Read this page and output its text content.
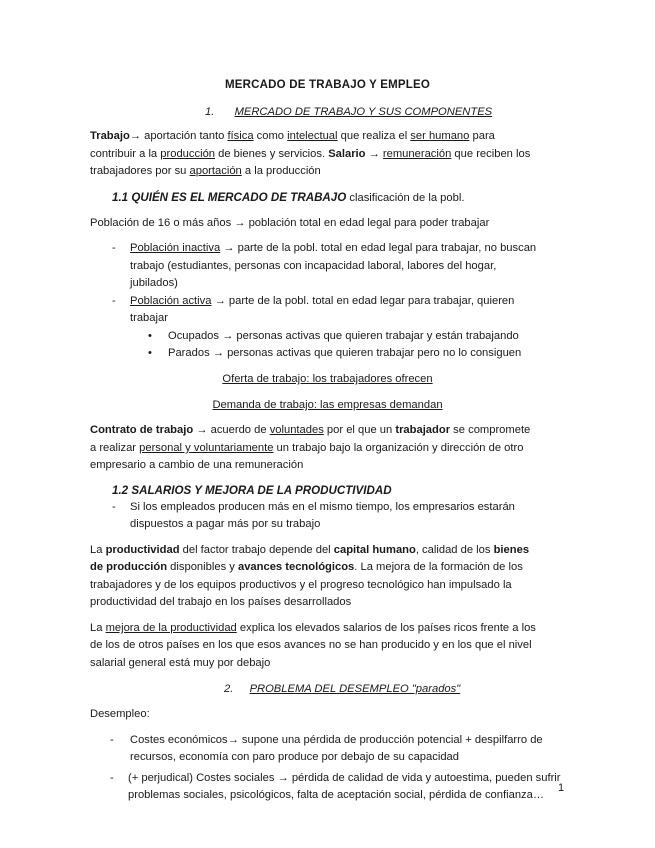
MERCADO DE TRABAJO Y EMPLEO
1. MERCADO DE TRABAJO Y SUS COMPONENTES
Trabajo→ aportación tanto física como intelectual que realiza el ser humano para
contribuir a la producción de bienes y servicios. Salario → remuneración que reciben los
trabajadores por su aportación a la producción
1.1 QUIÉN ES EL MERCADO DE TRABAJO clasificación de la pobl.
Población de 16 o más años → población total en edad legal para poder trabajar
- Población inactiva → parte de la pobl. total en edad legal para trabajar, no buscan
trabajo (estudiantes, personas con incapacidad laboral, labores del hogar,
jubilados)
- Población activa → parte de la pobl. total en edad legar para trabajar, quieren
trabajar
• Ocupados → personas activas que quieren trabajar y están trabajando
• Parados → personas activas que quieren trabajar pero no lo consiguen
Oferta de trabajo: los trabajadores ofrecen
Demanda de trabajo: las empresas demandan
Contrato de trabajo → acuerdo de voluntades por el que un trabajador se compromete
a realizar personal y voluntariamente un trabajo bajo la organización y dirección de otro
empresario a cambio de una remuneración
1.2 SALARIOS Y MEJORA DE LA PRODUCTIVIDAD
- Si los empleados producen más en el mismo tiempo, los empresarios estarán
dispuestos a pagar más por su trabajo
La productividad del factor trabajo depende del capital humano, calidad de los bienes
de producción disponibles y avances tecnológicos. La mejora de la formación de los
trabajadores y de los equipos productivos y el progreso tecnológico han impulsado la
productividad del trabajo en los países desarrollados
La mejora de la productividad explica los elevados salarios de los países ricos frente a los
de los de otros países en los que esos avances no se han producido y en los que el nivel
salarial general está muy por debajo
2. PROBLEMA DEL DESEMPLEO "parados"
Desempleo:
- Costes económicos→ supone una pérdida de producción potencial + despilfarro de
recursos, economía con paro produce por debajo de su capacidad
- (+ perjudical) Costes sociales → pérdida de calidad de vida y autoestima, pueden sufrir
problemas sociales, psicológicos, falta de aceptación social, pérdida de confianza…
1
